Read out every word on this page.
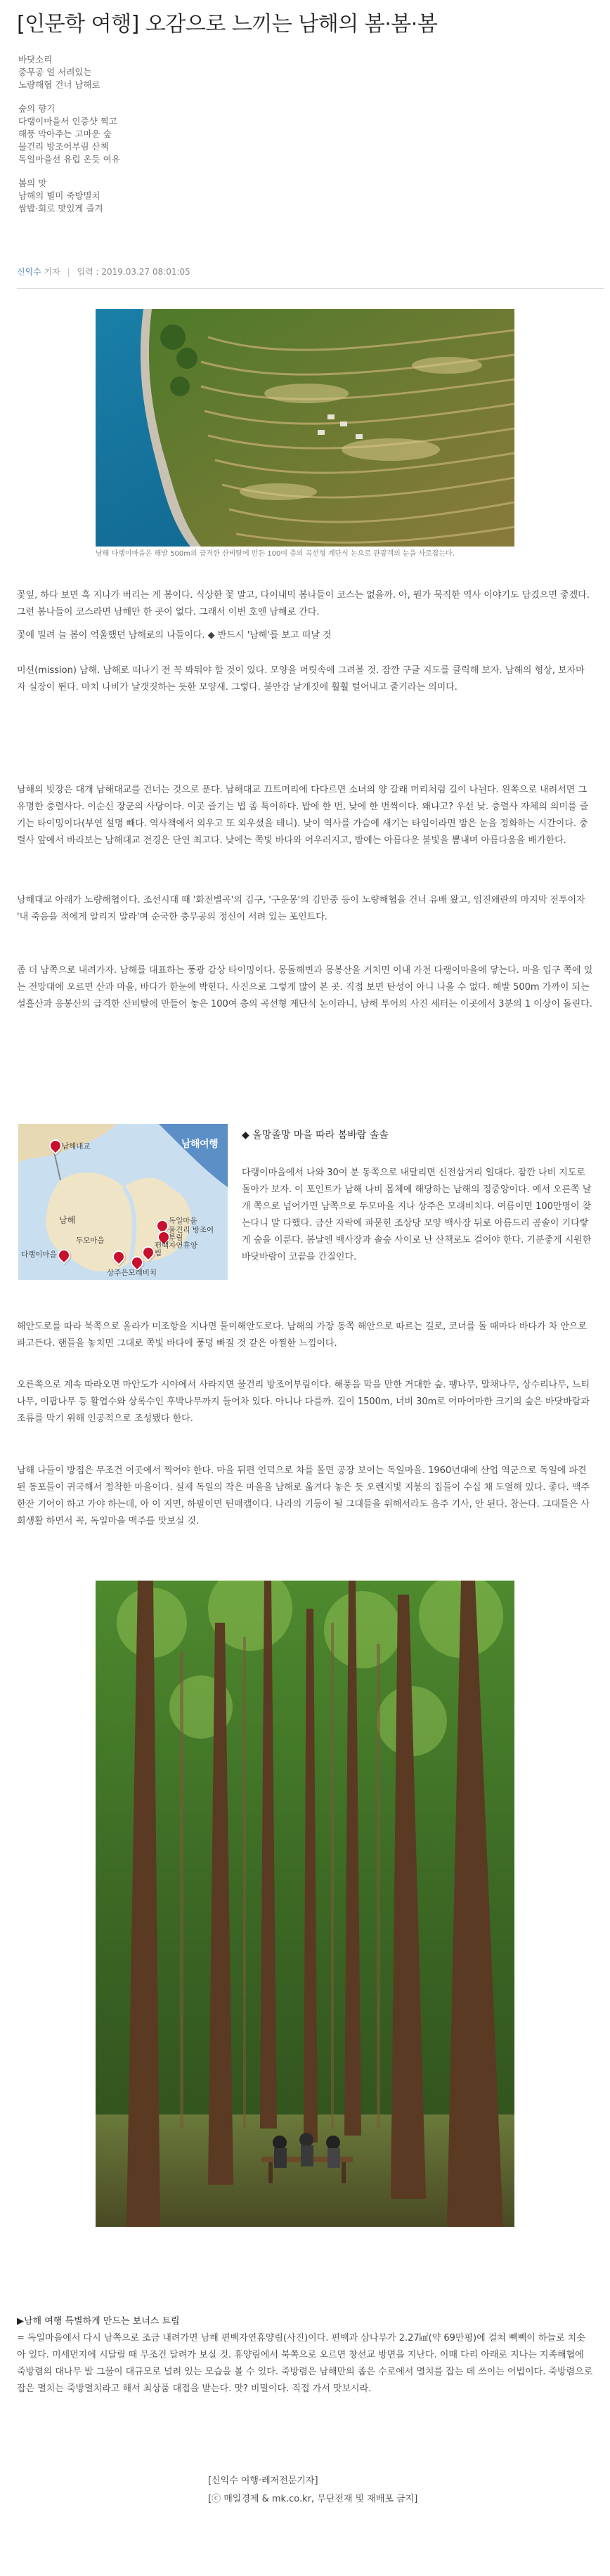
[인문학 여행] 오감으로 느끼는 남해의 봄·봄·봄
바닷소리
중무공 얼 서려있는
노량해협 건너 남해로
숲의 향기
다랭이마을서 인증샷 찍고
해풍 막아주는 고마운 숲
물건리 방조어부림 산책
독일마을선 유럽 온듯 여유
봄의 맛
남해의 별미 죽방멸치
쌈밥·회로 맛있게 즐겨
신익수 기자 | 입력 : 2019.03.27 08:01:05
남해 다랭이마을은 해발 500m의 급격한 산비탈에 만든 100여 층의 곡선형 계단식 논으로 관광객의 눈을 사로잡는다.

꽃잎, 하다 보면 훅 지나가 버리는 게 봄이다. 식상한 꽃 말고, 다이내믹 봄나들이 코스는 없을까. 아, 뭔가 묵직한 역사 이야기도 담겼으면 좋겠다. 그런 봄나들이 코스라면 남해만 한 곳이 없다. 그래서 이번 호엔 남해로 간다.

꽃에 밀려 늘 봄이 억울했던 남해로의 나들이다. ◆ 반드시 '남해'를 보고 떠날 것

미션(mission) 남해. 남해로 떠나기 전 꼭 봐둬야 할 것이 있다. 모양을 머릿속에 그려볼 것. 잠깐 구글 지도를 클릭해 보자. 남해의 형상, 보자마자 실장이 뛴다. 마치 나비가 날갯짓하는 듯한 모양새. 그렇다. 불안감 날개짓에 훨훨 털어내고 줄기라는 의미다.

남해의 빗장은 대개 남해대교를 건너는 것으로 푼다. 남해대교 끄트머리에 다다르면 소녀의 양 갈래 머리처럼 길이 나뉜다. 왼쪽으로 내려서면 그 유명한 충렬사다. 이순신 장군의 사당이다. 이곳 즐기는 법 좀 특이하다. 밥에 한 번, 낮에 한 번씩이다. 왜냐고? 우선 낮. 충렬사 자체의 의미를 즐기는 타이밍이다(부연 설명 빼다. 역사책에서 외우고 또 외우셨을 테니). 낮이 역사를 가슴에 새기는 타임이라면 밤은 눈을 정화하는 시간이다. 충렬사 앞에서 바라보는 남해대교 전경은 단연 최고다. 낮에는 쪽빛 바다와 어우러지고, 밤에는 아름다운 불빛을 뽐내며 아름다움을 배가한다.

남해대교 아래가 노량해협이다. 조선시대 때 '화전별곡'의 김구, '구운몽'의 김만중 등이 노량해협을 건너 유배 왔고, 임진왜란의 마지막 전투이자 '내 죽음을 적에게 알리지 말라'며 순국한 충무공의 정신이 서려 있는 포인트다.

좀 더 남쪽으로 내려가자. 남해를 대표하는 풍광 감상 타이밍이다. 몽돌해변과 몽봉산을 거치면 이내 가천 다랭이마을에 닿는다. 마을 입구 쪽에 있는 전망대에 오르면 산과 마을, 바다가 한눈에 박힌다. 사진으로 그렇게 많이 본 곳. 직접 보면 탄성이 아니 나올 수 없다. 해발 500m 가까이 되는 설흘산과 응봉산의 급격한 산비탈에 만들어 놓은 100여 층의 곡선형 계단식 논이라니, 남해 투어의 사진 세터는 이곳에서 3분의 1 이상이 돌린다.

남해여행
남해대교
남해	독일마을
물건리 방조어부림
두모마을
편백자연휴양림
다랭이마을
상주은모래비치
◆ 올망졸망 마을 따라 봄바람 솔솔

다랭이마을에서 나와 30여 분 동쪽으로 내달리면 신전삼거리 일대다. 잠깐 나비 지도로 돌아가 보자. 이 포인트가 남해 나비 몸체에 해당하는 남해의 정중앙이다. 예서 오른쪽 날개 쪽으로 넘어가면 남쪽으로 두모마을 지나 상주은 모래비치다. 여름이면 100만명이 찾는다니 말 다했다. 금산 자락에 파묻힌 조상당 모양 백사장 뒤로 아름드리 곰솔이 기다랗게 숲을 이룬다. 봄날엔 백사장과 솔숲 사이로 난 산책로도 걸어야 한다. 기분좋게 시원한 바닷바람이 코끝을 간질인다.

해안도로를 따라 북쪽으로 올라가 미조항을 지나면 물미해안도로다. 남해의 가장 동쪽 해안으로 따르는 길로, 코너를 돌 때마다 바다가 차 안으로 파고든다. 핸들을 놓치면 그대로 쪽빛 바다에 풍덩 빠질 것 같은 아찔한 느낌이다.

오른쪽으로 계속 따라오면 마안도가 시야에서 사라지면 물건리 방조어부림이다. 해풍을 막을 만한 거대한 숲. 팽나무, 말채나무, 상수리나무, 느티나무, 이팝나무 등 활엽수와 상록수인 후박나무까지 들어차 있다. 아니나 다를까. 길이 1500m, 너비 30m로 어마어마한 크기의 숲은 바닷바람과 조류를 막기 위해 인공적으로 조성됐다 한다.

남해 나들이 방점은 무조건 이곳에서 찍어야 한다. 마을 뒤편 언덕으로 차를 몰면 공장 보이는 독일마을. 1960년대에 산업 역군으로 독일에 파견된 동포들이 귀국해서 정착한 마을이다. 실제 독일의 작은 마을을 남해로 옮겨다 놓은 듯 오렌지빛 지붕의 집들이 수십 채 도열해 있다. 좋다. 맥주 한잔 기어이 하고 가야 하는데, 아 이 지면, 하필이면 틴매캡이다. 나라의 기둥이 될 그대들을 위해서라도 음주 기사, 안 된다. 참는다. 그대들은 사회생활 하면서 꼭, 독일마을 맥주를 맛보실 것.

▶남해 여행 특별하게 만드는 보너스 트립

= 독일마을에서 다시 남쪽으로 조금 내려가면 남해 편백자연휴양림(사진)이다. 편백과 삼나무가 2.27㎢(약 69만평)에 걸쳐 빽빽이 하늘로 치솟아 있다. 미세먼지에 시달릴 때 무조건 달려가 보실 것. 휴양림에서 북쪽으로 오르면 창선교 방면을 지난다. 이때 다리 아래로 지나는 지족해협에 죽방렴의 대나무 발 그물이 대규모로 널려 있는 모습을 볼 수 있다. 죽방렴은 남해만의 좁은 수로에서 멸치를 잡는 데 쓰이는 어법이다. 죽방렴으로 잡은 멸치는 죽방멸치라고 해서 최상품 대접을 받는다. 맛? 비밀이다. 직접 가서 맛보시라.

[신익수 여행·레저전문기자]
[ⓒ 매일경제 & mk.co.kr, 무단전재 및 재배포 금지]
